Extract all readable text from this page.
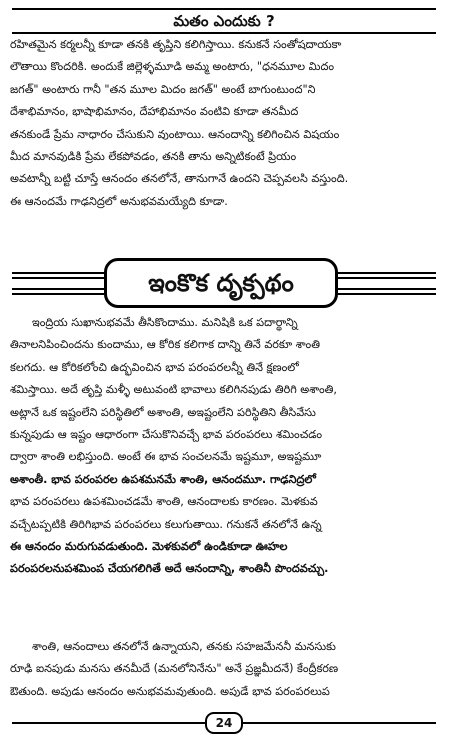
మతం ఎందుకు ?
రహితమైన కర్మలన్నీ కూడా తనకి తృప్తిని కలిగిస్తాయి. కనుకనే సంతోషదాయకా
లౌతాయి కొందరికి. అందుకే జిల్లెళ్ళమూడి అమ్మ అంటారు, "ధనమూల మిదం
జగత్" అంటారు గానీ "తన మూల మిదం జగత్" అంటే బాగుంటుంద"ని
దేశాభిమానం, భాషాభిమానం, దేహాభిమానం వంటివి కూడా తనమీద
తనకుండే ప్రేమ నాధారం చేసుకుని వుంటాయి. ఆనందాన్ని కలిగించిన విషయం
మీద మానవుడికి ప్రేమ లేకపోవడం, తనకి తాను అన్నిటికంటే ప్రియం
అవటాన్నీ బట్టి చూస్తే ఆనందం తనలోనే, తానుగానే ఉందని చెప్పవలసి వస్తుంది.
ఈ ఆనందమే గాఢనిద్రలో అనుభవమయ్యేది కూడా.
ఇంకొక దృక్పథం
ఇంద్రియ సుఖానుభవమే తీసికొందాము. మనిషికి ఒక పదార్థాన్ని
తినాలనిపించిందను కుందాము, ఆ కోరిక కలిగాక దాన్ని తినే వరకూ శాంతి
కలగదు. ఆ కోరికలోంచి ఉద్భవించిన భావ పరంపరలన్నీ తినే క్షణంలో
శమిస్తాయి. అదే తృప్తి మళ్ళీ అటువంటి భావాలు కలిగినపుడు తిరిగి అశాంతి,
అట్లానే ఒక ఇష్టంలేని పరిస్థితిలో అశాంతి, అఇష్టంలేని పరిస్థితిని తీసివేసు
కున్నపుడు ఆ ఇష్టం ఆధారంగా చేసుకొనివచ్చే భావ పరంపరలు శమించడం
ద్వారా శాంతి లభిస్తుంది. అంటే ఈ భావ సంచలనమే ఇష్టమూ, అఇష్టమూ
అశాంతీ. భావ పరంపరల ఉపశమనమే శాంతి, ఆనందమూ. గాఢనిద్రలో
భావ పరంపరలు ఉపశమించడమే శాంతి, ఆనందాలకు కారణం. మెళకువ
వచ్చేటప్పటికి తిరిగిభావ పరంపరలు కలుగుతాయి. గనుకనే తనలోనే ఉన్న
ఈ ఆనందం మరుగువడుతుంది. మెళకువలో ఉండికూడా ఊహల
పరంపరలనుపశమింప చేయగలిగితే అదే ఆనందాన్ని, శాంతినీ పొందవచ్చు.
శాంతి, ఆనందాలు తనలోనే ఉన్నాయని, తనకు సహజమేననీ మనసుకు
రూఢి ఐనపుడు మనసు తనమీదే (మనలోనినేను" అనే ప్రజ్ఞమీదనే) కేంద్రీకరణ
ఔతుంది. అపుడు ఆనందం అనుభవమవుతుంది. అపుడే భావ పరంపరలుప
24
